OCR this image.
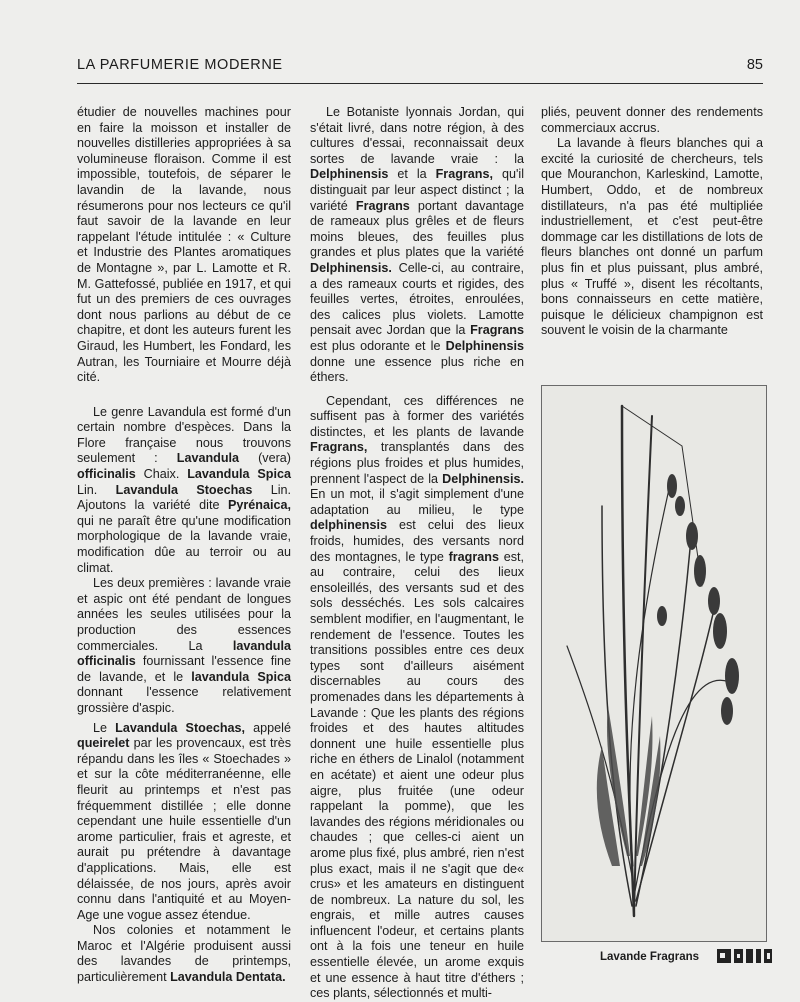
LA PARFUMERIE MODERNE	85

étudier de nouvelles machines pour en faire la moisson et installer de nouvelles distilleries appropriées à sa volumineuse floraison. Comme il est impossible, toutefois, de séparer le lavandin de la lavande, nous résumerons pour nos lecteurs ce qu'il faut savoir de la lavande en leur rappelant l'étude intitulée : « Culture et Industrie des Plantes aromatiques de Montagne », par L. Lamotte et R. M. Gattefossé, publiée en 1917, et qui fut un des premiers de ces ouvrages dont nous parlions au début de ce chapitre, et dont les auteurs furent les Giraud, les Humbert, les Fondard, les Autran, les Tourniaire et Mourre déjà cité.

Le genre Lavandula est formé d'un certain nombre d'espèces. Dans la Flore française nous trouvons seulement : Lavandula (vera) officinalis Chaix. Lavandula Spica Lin. Lavandula Stoechas Lin. Ajoutons la variété dite Pyrénaica, qui ne paraît être qu'une modification morphologique de la lavande vraie, modification dûe au terroir ou au climat.

Les deux premières : lavande vraie et aspic ont été pendant de longues années les seules utilisées pour la production des essences commerciales. La lavandula officinalis fournissant l'essence fine de lavande, et le lavandula Spica donnant l'essence relativement grossière d'aspic.

Le Lavandula Stoechas, appelé queirelet par les provencaux, est très répandu dans les îles « Stoechades » et sur la côte méditerranéenne, elle fleurit au printemps et n'est pas fréquemment distillée ; elle donne cependant une huile essentielle d'un arome particulier, frais et agreste, et aurait pu prétendre à davantage d'applications. Mais, elle est délaissée, de nos jours, après avoir connu dans l'antiquité et au Moyen-Age une vogue assez étendue.

Nos colonies et notamment le Maroc et l'Algérie produisent aussi des lavandes de printemps, particulièrement Lavandula Dentata.

Le Botaniste lyonnais Jordan, qui s'était livré, dans notre région, à des cultures d'essai, reconnaissait deux sortes de lavande vraie : la Delphinensis et la Fragrans, qu'il distinguait par leur aspect distinct ; la variété Fragrans portant davantage de rameaux plus grêles et de fleurs moins bleues, des feuilles plus grandes et plus plates que la variété Delphinensis. Celle-ci, au contraire, a des rameaux courts et rigides, des feuilles vertes, étroites, enroulées, des calices plus violets. Lamotte pensait avec Jordan que la Fragrans est plus odorante et le Delphinensis donne une essence plus riche en éthers.

Cependant, ces différences ne suffisent pas à former des variétés distinctes, et les plants de lavande Fragrans, transplantés dans des régions plus froides et plus humides, prennent l'aspect de la Delphinensis. En un mot, il s'agit simplement d'une adaptation au milieu, le type delphinensis est celui des lieux froids, humides, des versants nord des montagnes, le type fragrans est, au contraire, celui des lieux ensoleillés, des versants sud et des sols desséchés. Les sols calcaires semblent modifier, en l'augmentant, le rendement de l'essence. Toutes les transitions possibles entre ces deux types sont d'ailleurs aisément discernables au cours des promenades dans les départements à Lavande : Que les plants des régions froides et des hautes altitudes donnent une huile essentielle plus riche en éthers de Linalol (notamment en acétate) et aient une odeur plus aigre, plus fruitée (une odeur rappelant la pomme), que les lavandes des régions méridionales ou chaudes ; que celles-ci aient un arome plus fixé, plus ambré, rien n'est plus exact, mais il ne s'agit que de« crus» et les amateurs en distinguent de nombreux. La nature du sol, les engrais, et mille autres causes influencent l'odeur, et certains plants ont à la fois une teneur en huile essentielle élevée, un arome exquis et une essence à haut titre d'éthers ; ces plants, sélectionnés et multi-

pliés, peuvent donner des rendements commerciaux accrus.

La lavande à fleurs blanches qui a excité la curiosité de chercheurs, tels que Mouranchon, Karleskind, Lamotte, Humbert, Oddo, et de nombreux distillateurs, n'a pas été multipliée industriellement, et c'est peut-être dommage car les distillations de lots de fleurs blanches ont donné un parfum plus fin et plus puissant, plus ambré, plus « Truffé », disent les récoltants, bons connaisseurs en cette matière, puisque le délicieux champignon est souvent le voisin de la charmante

Lavande Fragrans
